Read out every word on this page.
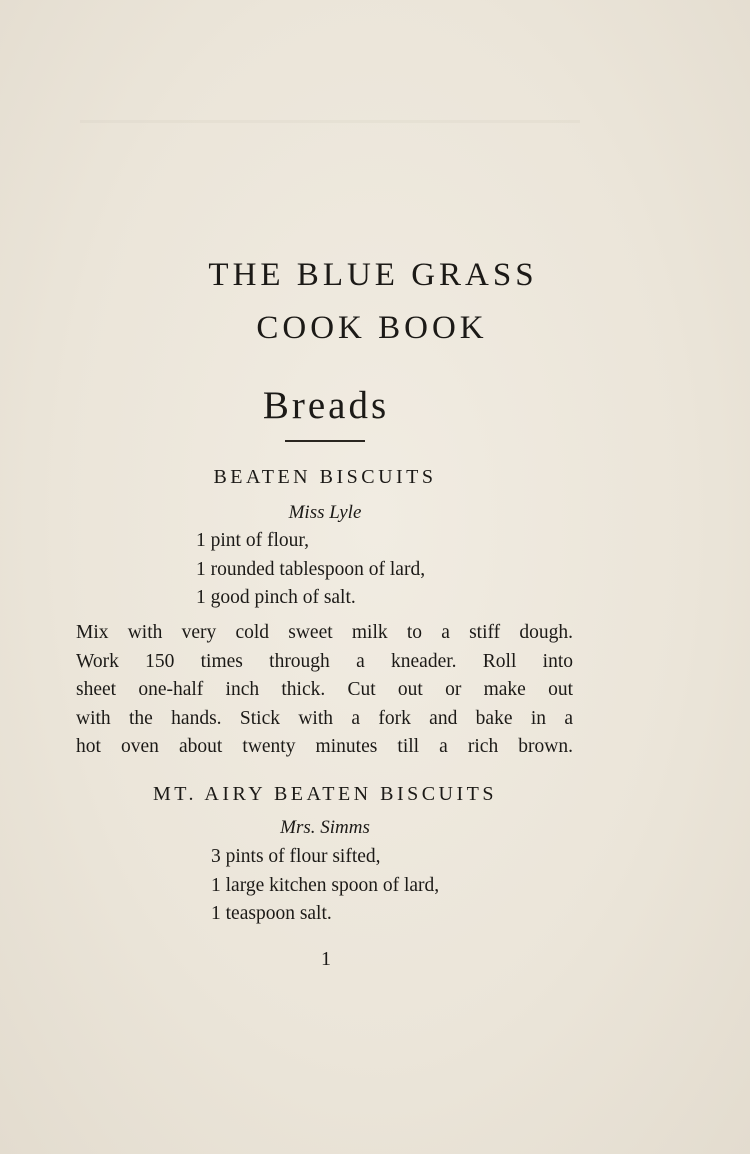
THE BLUE GRASS
COOK BOOK
Breads
BEATEN BISCUITS
Miss Lyle
1 pint of flour,
1 rounded tablespoon of lard,
1 good pinch of salt.

Mix with very cold sweet milk to a stiff dough.
Work 150 times through a kneader. Roll into
sheet one-half inch thick. Cut out or make out
with the hands. Stick with a fork and bake in a
hot oven about twenty minutes till a rich brown.

MT. AIRY BEATEN BISCUITS
Mrs. Simms
3 pints of flour sifted,
1 large kitchen spoon of lard,
1 teaspoon salt.
1
